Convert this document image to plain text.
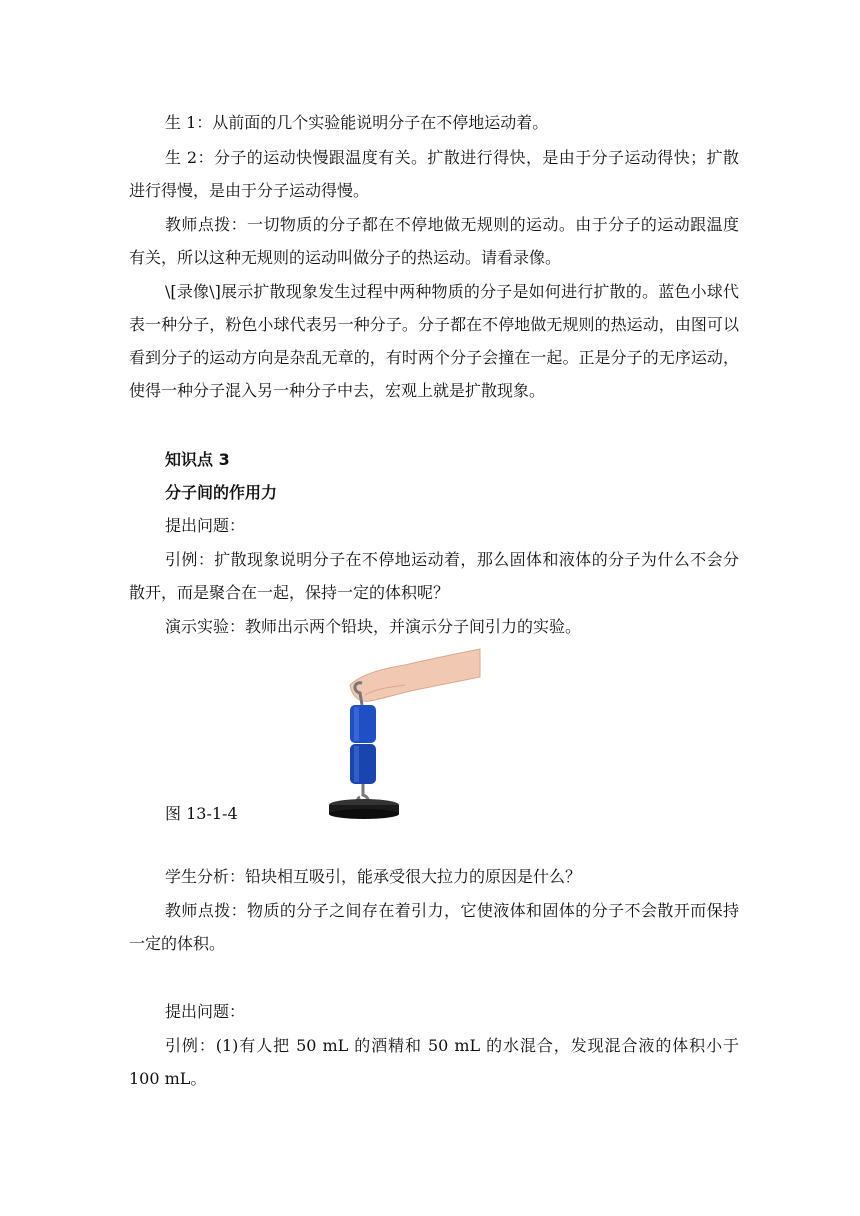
生 1：从前面的几个实验能说明分子在不停地运动着。

生 2：分子的运动快慢跟温度有关。扩散进行得快，是由于分子运动得快；扩散进行得慢，是由于分子运动得慢。

教师点拨：一切物质的分子都在不停地做无规则的运动。由于分子的运动跟温度有关，所以这种无规则的运动叫做分子的热运动。请看录像。

\[录像\]展示扩散现象发生过程中两种物质的分子是如何进行扩散的。蓝色小球代表一种分子，粉色小球代表另一种分子。分子都在不停地做无规则的热运动，由图可以看到分子的运动方向是杂乱无章的，有时两个分子会撞在一起。正是分子的无序运动，使得一种分子混入另一种分子中去，宏观上就是扩散现象。

知识点 3
分子间的作用力

提出问题：

引例：扩散现象说明分子在不停地运动着，那么固体和液体的分子为什么不会分散开，而是聚合在一起，保持一定的体积呢？

演示实验：教师出示两个铅块，并演示分子间引力的实验。

图 13-1-4

学生分析：铅块相互吸引，能承受很大拉力的原因是什么？

教师点拨：物质的分子之间存在着引力，它使液体和固体的分子不会散开而保持一定的体积。

提出问题：

引例：(1)有人把 50 mL 的酒精和 50 mL 的水混合，发现混合液的体积小于 100 mL。
